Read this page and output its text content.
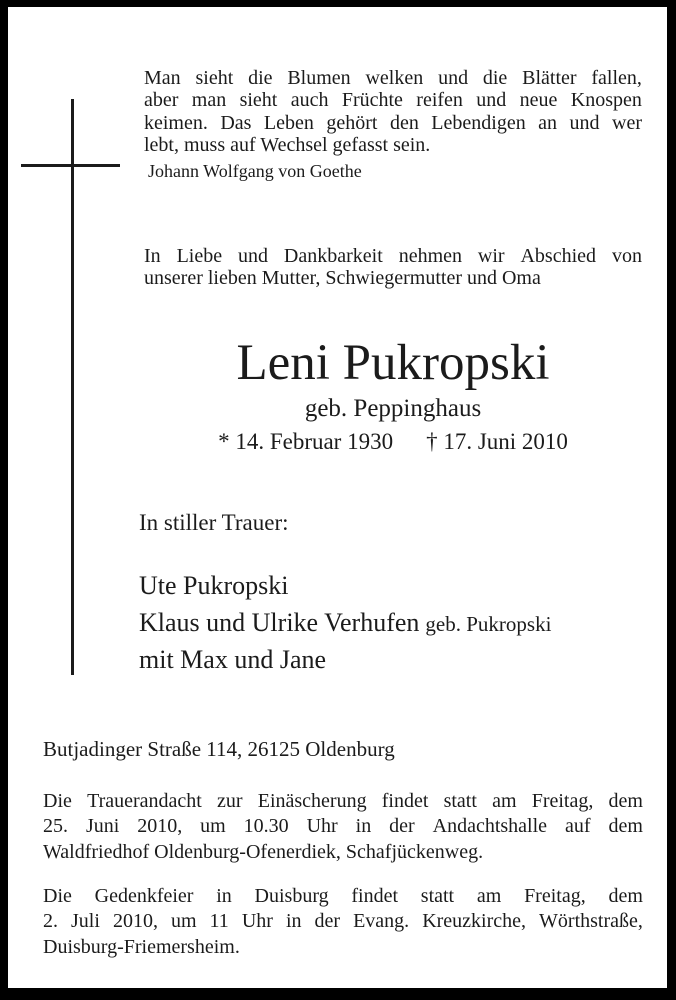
Man sieht die Blumen welken und die Blätter fallen,
aber man sieht auch Früchte reifen und neue Knospen
keimen. Das Leben gehört den Lebendigen an und wer
lebt, muss auf Wechsel gefasst sein.
Johann Wolfgang von Goethe
In Liebe und Dankbarkeit nehmen wir Abschied von
unserer lieben Mutter, Schwiegermutter und Oma
Leni Pukropski
geb. Peppinghaus
* 14. Februar 1930 † 17. Juni 2010
In stiller Trauer:
Ute Pukropski
Klaus und Ulrike Verhufen geb. Pukropski
mit Max und Jane
Butjadinger Straße 114, 26125 Oldenburg
Die Trauerandacht zur Einäscherung findet statt am Freitag, dem
25. Juni 2010, um 10.30 Uhr in der Andachtshalle auf dem
Waldfriedhof Oldenburg-Ofenerdiek, Schafjückenweg.
Die Gedenkfeier in Duisburg findet statt am Freitag, dem
2. Juli 2010, um 11 Uhr in der Evang. Kreuzkirche, Wörthstraße,
Duisburg-Friemersheim.
